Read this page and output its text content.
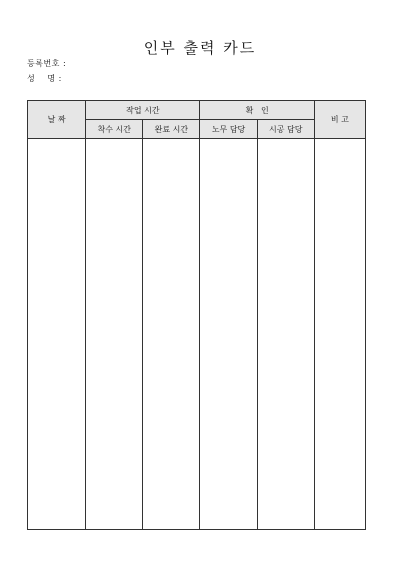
인부 출력 카드
등록번호 :
성    명 :
날 짜	작업 시간		확   인		비 고
	착수 시간	완료 시간	노무 담당	시공 담당	
